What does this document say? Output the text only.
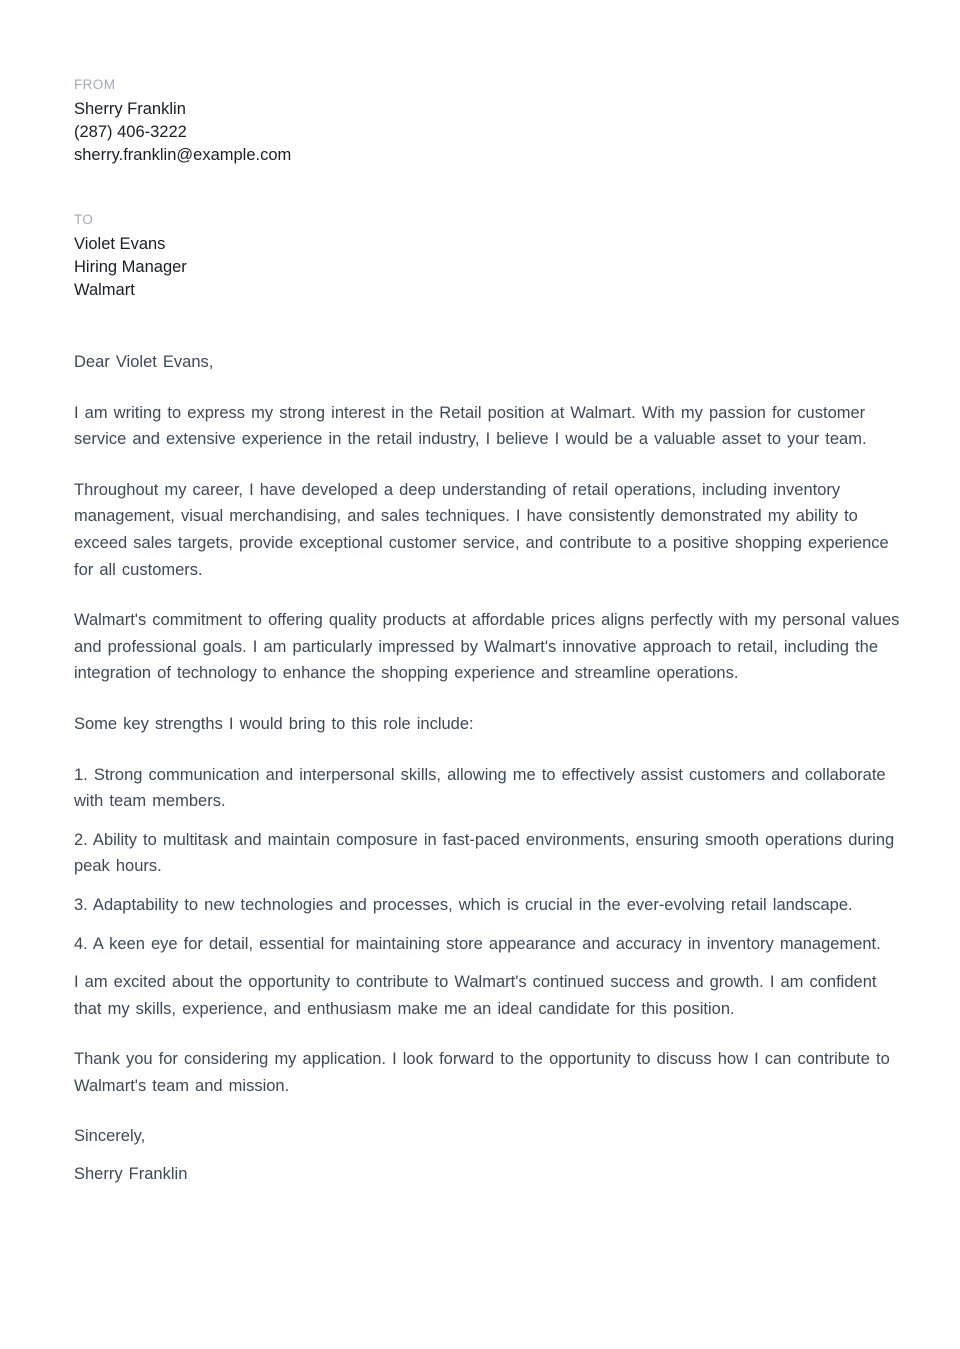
FROM

Sherry Franklin

(287) 406-3222

sherry.franklin@example.com

TO

Violet Evans

Hiring Manager

Walmart

Dear Violet Evans,

I am writing to express my strong interest in the Retail position at Walmart. With my passion for customer service and extensive experience in the retail industry, I believe I would be a valuable asset to your team.

Throughout my career, I have developed a deep understanding of retail operations, including inventory management, visual merchandising, and sales techniques. I have consistently demonstrated my ability to exceed sales targets, provide exceptional customer service, and contribute to a positive shopping experience for all customers.

Walmart's commitment to offering quality products at affordable prices aligns perfectly with my personal values and professional goals. I am particularly impressed by Walmart's innovative approach to retail, including the integration of technology to enhance the shopping experience and streamline operations.

Some key strengths I would bring to this role include:

1. Strong communication and interpersonal skills, allowing me to effectively assist customers and collaborate with team members.

2. Ability to multitask and maintain composure in fast-paced environments, ensuring smooth operations during peak hours.

3. Adaptability to new technologies and processes, which is crucial in the ever-evolving retail landscape.

4. A keen eye for detail, essential for maintaining store appearance and accuracy in inventory management.

I am excited about the opportunity to contribute to Walmart's continued success and growth. I am confident that my skills, experience, and enthusiasm make me an ideal candidate for this position.

Thank you for considering my application. I look forward to the opportunity to discuss how I can contribute to Walmart's team and mission.

Sincerely,

Sherry Franklin
